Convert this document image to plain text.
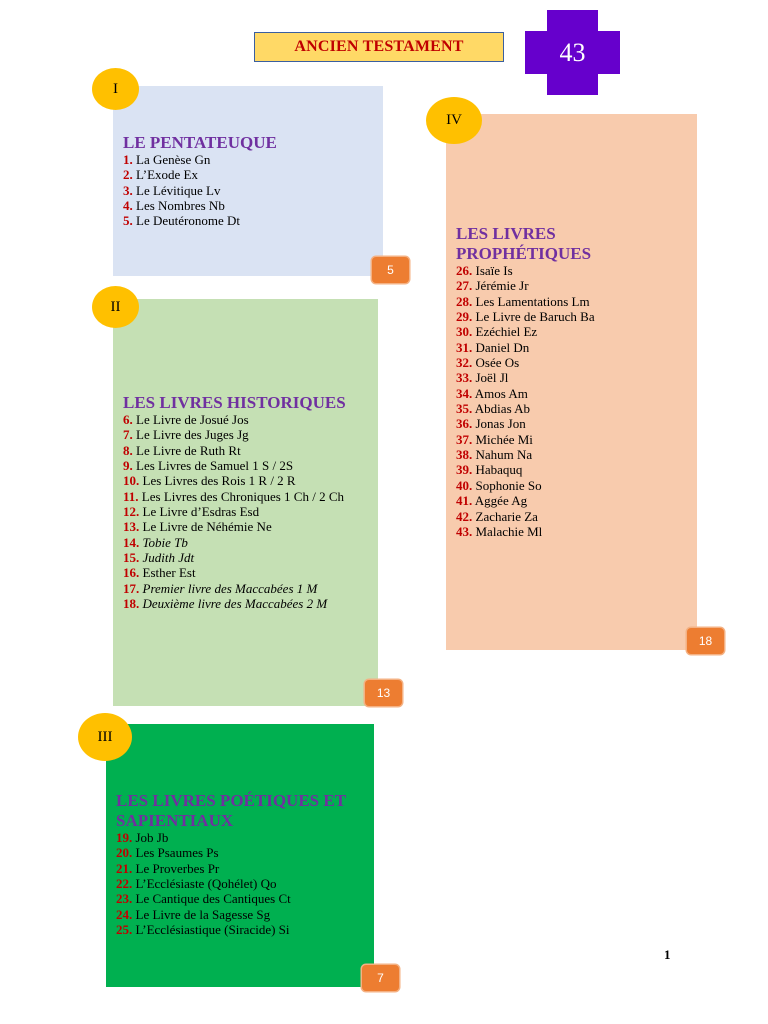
ANCIEN TESTAMENT	43
I
LE PENTATEUQUE
1. La Genèse Gn
2. L’Exode Ex
3. Le Lévitique Lv
4. Les Nombres Nb
5. Le Deutéronome Dt
5
II
LES LIVRES HISTORIQUES
6. Le Livre de Josué Jos
7. Le Livre des Juges Jg
8. Le Livre de Ruth Rt
9. Les Livres de Samuel 1 S / 2S
10. Les Livres des Rois 1 R / 2 R
11. Les Livres des Chroniques 1 Ch / 2 Ch
12. Le Livre d’Esdras Esd
13. Le Livre de Néhémie Ne
14. Tobie Tb
15. Judith Jdt
16. Esther Est
17. Premier livre des Maccabées 1 M
18. Deuxième livre des Maccabées 2 M
13
III
LES LIVRES POÉTIQUES ET SAPIENTIAUX
19. Job Jb
20. Les Psaumes Ps
21. Le Proverbes Pr
22. L’Ecclésiaste (Qohélet) Qo
23. Le Cantique des Cantiques Ct
24. Le Livre de la Sagesse Sg
25. L’Ecclésiastique (Siracide) Si
7
IV
LES LIVRES PROPHÉTIQUES
26. Isaïe Is
27. Jérémie Jr
28. Les Lamentations Lm
29. Le Livre de Baruch Ba
30. Ezéchiel Ez
31. Daniel Dn
32. Osée Os
33. Joël Jl
34. Amos Am
35. Abdias Ab
36. Jonas Jon
37. Michée Mi
38. Nahum Na
39. Habaquq
40. Sophonie So
41. Aggée Ag
42. Zacharie Za
43. Malachie Ml
18
1
